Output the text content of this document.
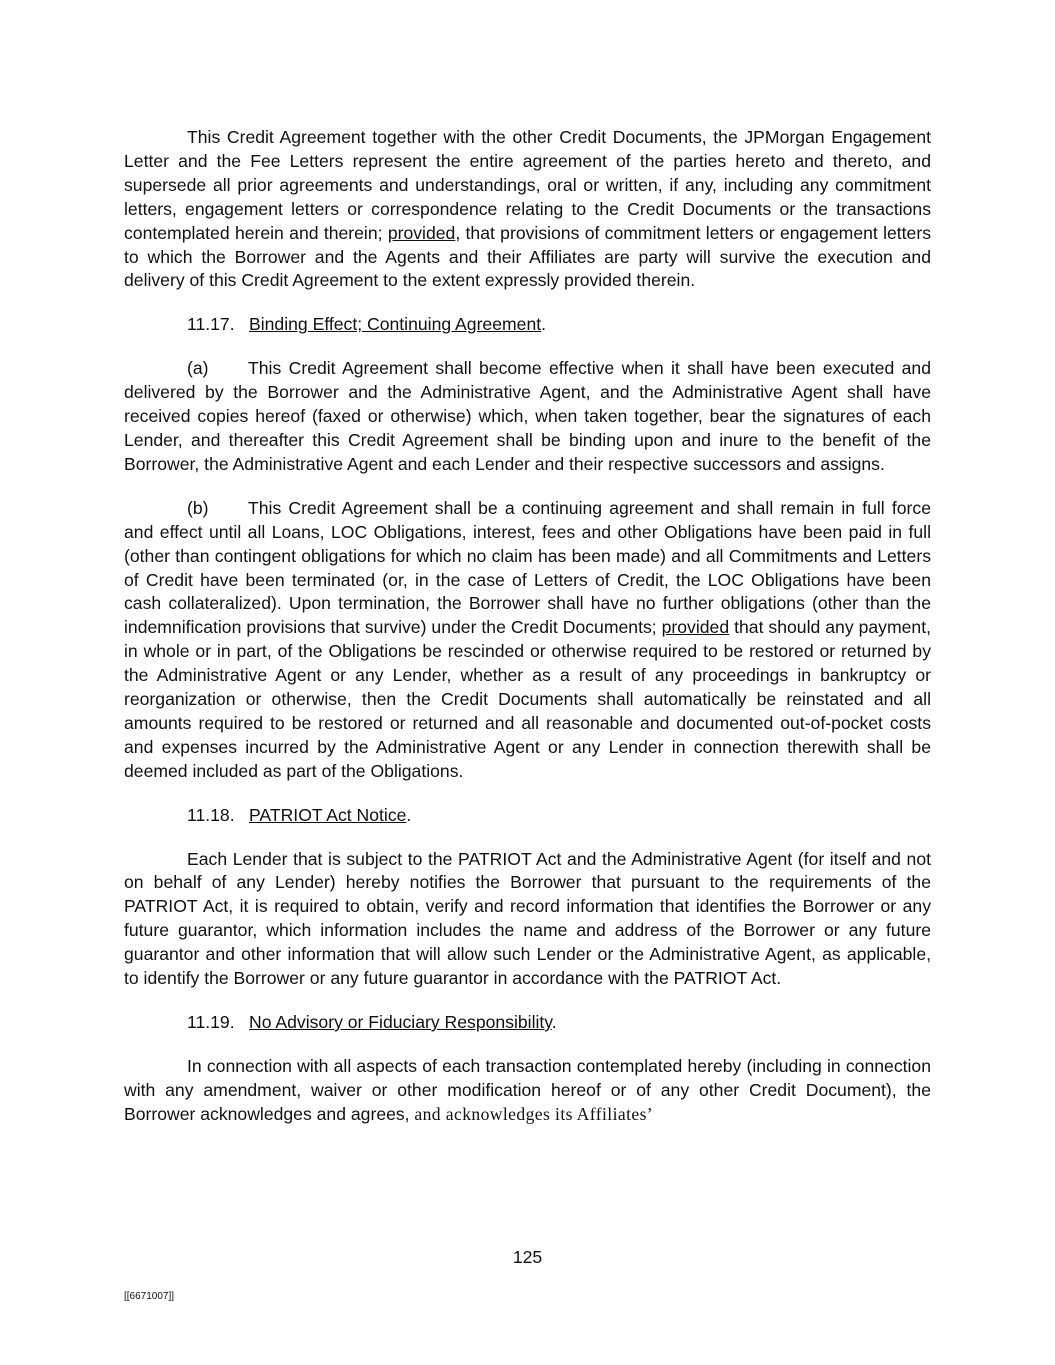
This Credit Agreement together with the other Credit Documents, the JPMorgan Engagement Letter and the Fee Letters represent the entire agreement of the parties hereto and thereto, and supersede all prior agreements and understandings, oral or written, if any, including any commitment letters, engagement letters or correspondence relating to the Credit Documents or the transactions contemplated herein and therein; provided, that provisions of commitment letters or engagement letters to which the Borrower and the Agents and their Affiliates are party will survive the execution and delivery of this Credit Agreement to the extent expressly provided therein.

11.17. Binding Effect; Continuing Agreement.

(a) This Credit Agreement shall become effective when it shall have been executed and delivered by the Borrower and the Administrative Agent, and the Administrative Agent shall have received copies hereof (faxed or otherwise) which, when taken together, bear the signatures of each Lender, and thereafter this Credit Agreement shall be binding upon and inure to the benefit of the Borrower, the Administrative Agent and each Lender and their respective successors and assigns.

(b) This Credit Agreement shall be a continuing agreement and shall remain in full force and effect until all Loans, LOC Obligations, interest, fees and other Obligations have been paid in full (other than contingent obligations for which no claim has been made) and all Commitments and Letters of Credit have been terminated (or, in the case of Letters of Credit, the LOC Obligations have been cash collateralized). Upon termination, the Borrower shall have no further obligations (other than the indemnification provisions that survive) under the Credit Documents; provided that should any payment, in whole or in part, of the Obligations be rescinded or otherwise required to be restored or returned by the Administrative Agent or any Lender, whether as a result of any proceedings in bankruptcy or reorganization or otherwise, then the Credit Documents shall automatically be reinstated and all amounts required to be restored or returned and all reasonable and documented out-of-pocket costs and expenses incurred by the Administrative Agent or any Lender in connection therewith shall be deemed included as part of the Obligations.

11.18. PATRIOT Act Notice.

Each Lender that is subject to the PATRIOT Act and the Administrative Agent (for itself and not on behalf of any Lender) hereby notifies the Borrower that pursuant to the requirements of the PATRIOT Act, it is required to obtain, verify and record information that identifies the Borrower or any future guarantor, which information includes the name and address of the Borrower or any future guarantor and other information that will allow such Lender or the Administrative Agent, as applicable, to identify the Borrower or any future guarantor in accordance with the PATRIOT Act.

11.19. No Advisory or Fiduciary Responsibility.

In connection with all aspects of each transaction contemplated hereby (including in connection with any amendment, waiver or other modification hereof or of any other Credit Document), the Borrower acknowledges and agrees, and acknowledges its Affiliates’

125
[[6671007]]
